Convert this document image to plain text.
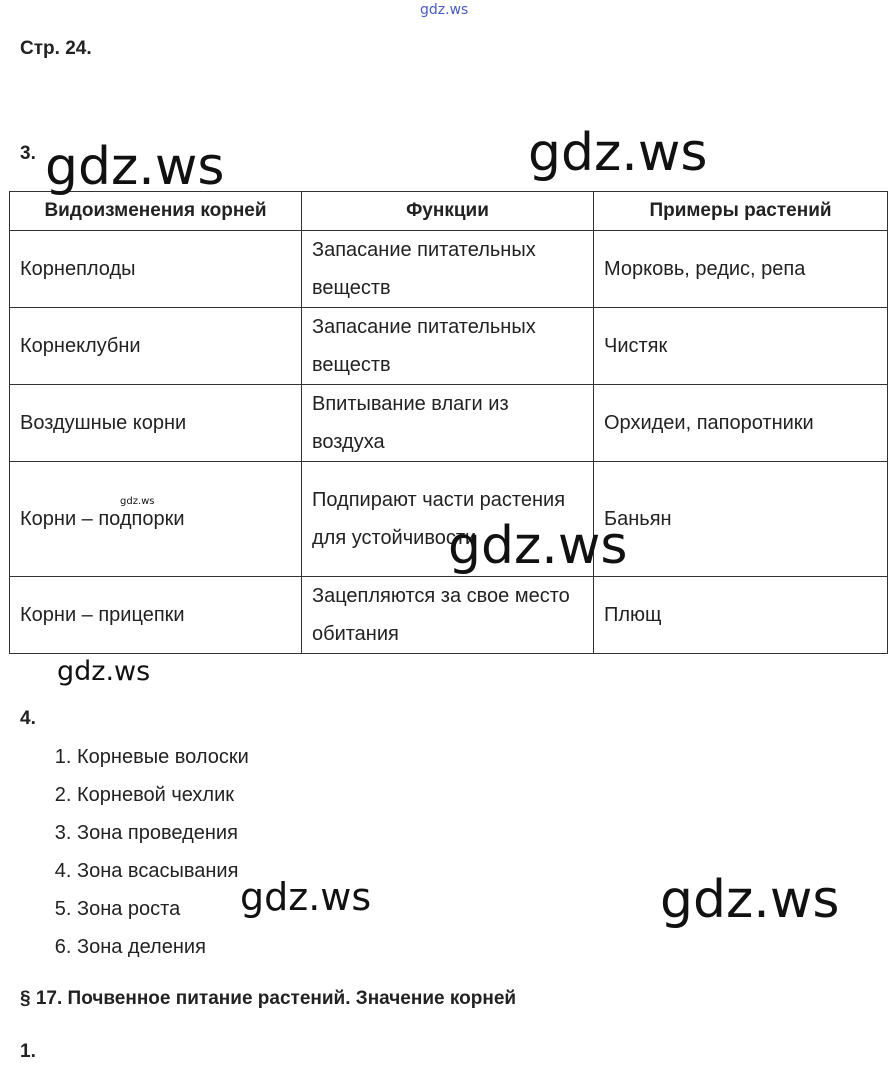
gdz.ws
Стр. 24.
3.
Видоизменения корней	Функции	Примеры растений
Корнеплоды	Запасание питательных веществ	Морковь, редис, репа
Корнеклубни	Запасание питательных веществ	Чистяк
Воздушные корни	Впитывание влаги из воздуха	Орхидеи, папоротники
Корни – подпорки	Подпирают части растения для устойчивости	Баньян
Корни – прицепки	Зацепляются за свое место обитания	Плющ
4.
1. Корневые волоски
2. Корневой чехлик
3. Зона проведения
4. Зона всасывания
5. Зона роста
6. Зона деления
§ 17. Почвенное питание растений. Значение корней
1.
gdz.ws	gdz.ws
gdz.ws
gdz.ws
gdz.ws
gdz.ws	gdz.ws
